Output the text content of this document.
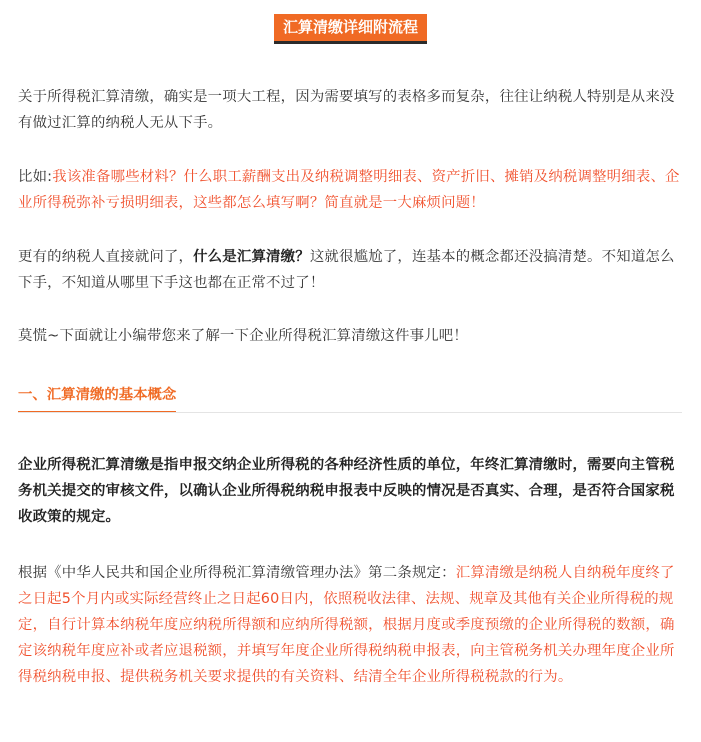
汇算清缴详细附流程

关于所得税汇算清缴，确实是一项大工程，因为需要填写的表格多而复杂，往往让纳税人特别是从来没有做过汇算的纳税人无从下手。

比如:我该准备哪些材料？什么职工薪酬支出及纳税调整明细表、资产折旧、摊销及纳税调整明细表、企业所得税弥补亏损明细表，这些都怎么填写啊？简直就是一大麻烦问题！

更有的纳税人直接就问了，什么是汇算清缴？这就很尴尬了，连基本的概念都还没搞清楚。不知道怎么下手，不知道从哪里下手这也都在正常不过了！

莫慌~下面就让小编带您来了解一下企业所得税汇算清缴这件事儿吧！

一、汇算清缴的基本概念

企业所得税汇算清缴是指申报交纳企业所得税的各种经济性质的单位，年终汇算清缴时，需要向主管税务机关提交的审核文件，以确认企业所得税纳税申报表中反映的情况是否真实、合理，是否符合国家税收政策的规定。

根据《中华人民共和国企业所得税汇算清缴管理办法》第二条规定：汇算清缴是纳税人自纳税年度终了之日起5个月内或实际经营终止之日起60日内，依照税收法律、法规、规章及其他有关企业所得税的规定，自行计算本纳税年度应纳税所得额和应纳所得税额，根据月度或季度预缴的企业所得税的数额，确定该纳税年度应补或者应退税额，并填写年度企业所得税纳税申报表，向主管税务机关办理年度企业所得税纳税申报、提供税务机关要求提供的有关资料、结清全年企业所得税税款的行为。
